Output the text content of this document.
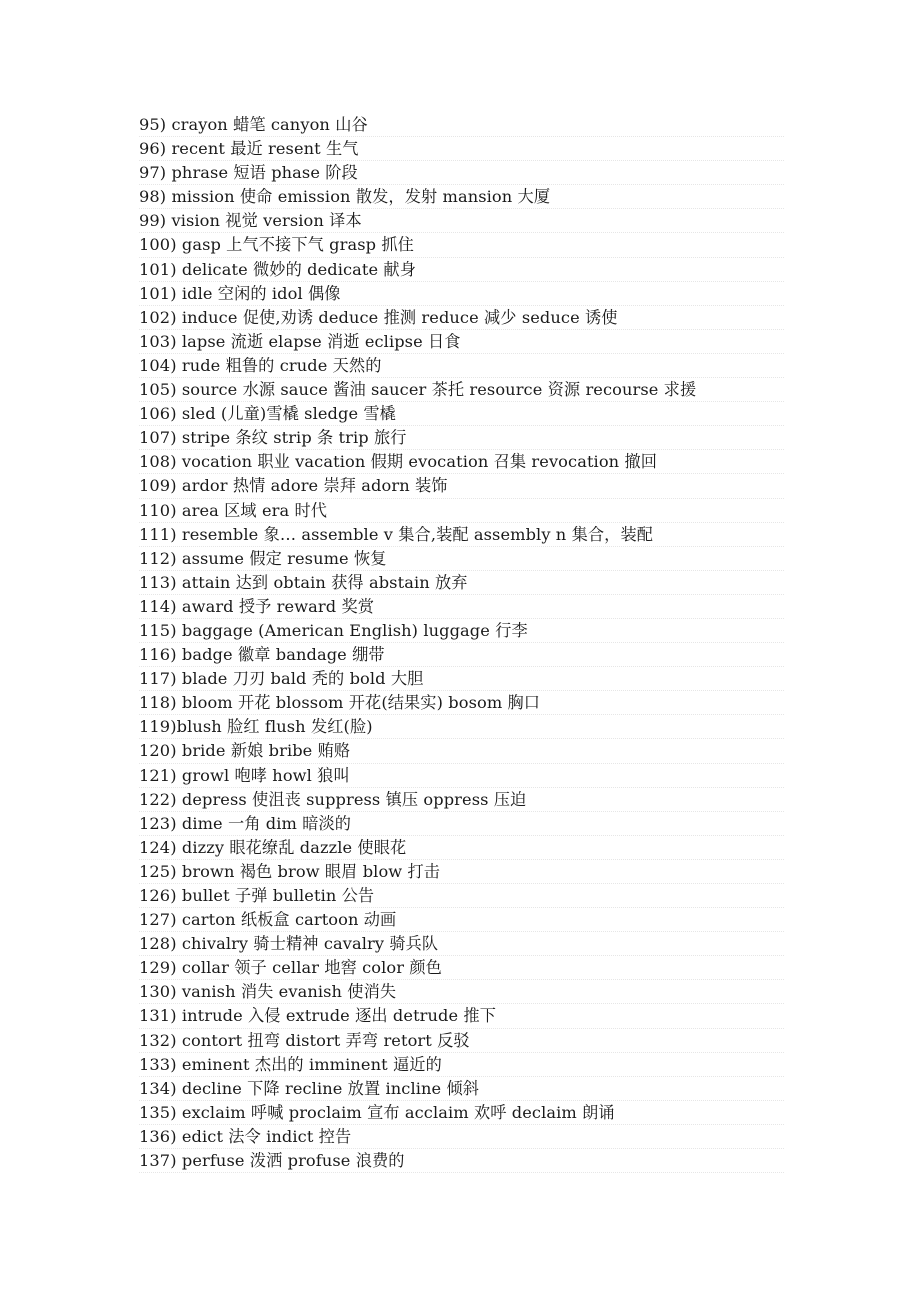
95) crayon 蜡笔 canyon 山谷
96) recent 最近 resent 生气
97) phrase 短语 phase 阶段
98) mission 使命 emission 散发，发射 mansion 大厦
99) vision 视觉 version 译本
100) gasp 上气不接下气 grasp 抓住
101) delicate 微妙的 dedicate 献身
101) idle 空闲的 idol 偶像
102) induce 促使,劝诱 deduce 推测 reduce 减少 seduce 诱使
103) lapse 流逝 elapse 消逝 eclipse 日食
104) rude 粗鲁的 crude 天然的
105) source 水源 sauce 酱油 saucer 茶托 resource 资源 recourse 求援
106) sled (儿童)雪橇 sledge 雪橇
107) stripe 条纹 strip 条 trip 旅行
108) vocation 职业 vacation 假期 evocation 召集 revocation 撤回
109) ardor 热情 adore 崇拜 adorn 装饰
110) area 区域 era 时代
111) resemble 象… assemble v 集合,装配 assembly n 集合，装配
112) assume 假定 resume 恢复
113) attain 达到 obtain 获得 abstain 放弃
114) award 授予 reward 奖赏
115) baggage (American English) luggage 行李
116) badge 徽章 bandage 绷带
117) blade 刀刃 bald 秃的 bold 大胆
118) bloom 开花 blossom 开花(结果实) bosom 胸口
119)blush 脸红 flush 发红(脸)
120) bride 新娘 bribe 贿赂
121) growl 咆哮 howl 狼叫
122) depress 使沮丧 suppress 镇压 oppress 压迫
123) dime 一角 dim 暗淡的
124) dizzy 眼花缭乱 dazzle 使眼花
125) brown 褐色 brow 眼眉 blow 打击
126) bullet 子弹 bulletin 公告
127) carton 纸板盒 cartoon 动画
128) chivalry 骑士精神 cavalry 骑兵队
129) collar 领子 cellar 地窖 color 颜色
130) vanish 消失 evanish 使消失
131) intrude 入侵 extrude 逐出 detrude 推下
132) contort 扭弯 distort 弄弯 retort 反驳
133) eminent 杰出的 imminent 逼近的
134) decline 下降 recline 放置 incline 倾斜
135) exclaim 呼喊 proclaim 宣布 acclaim 欢呼 declaim 朗诵
136) edict 法令 indict 控告
137) perfuse 泼洒 profuse 浪费的
